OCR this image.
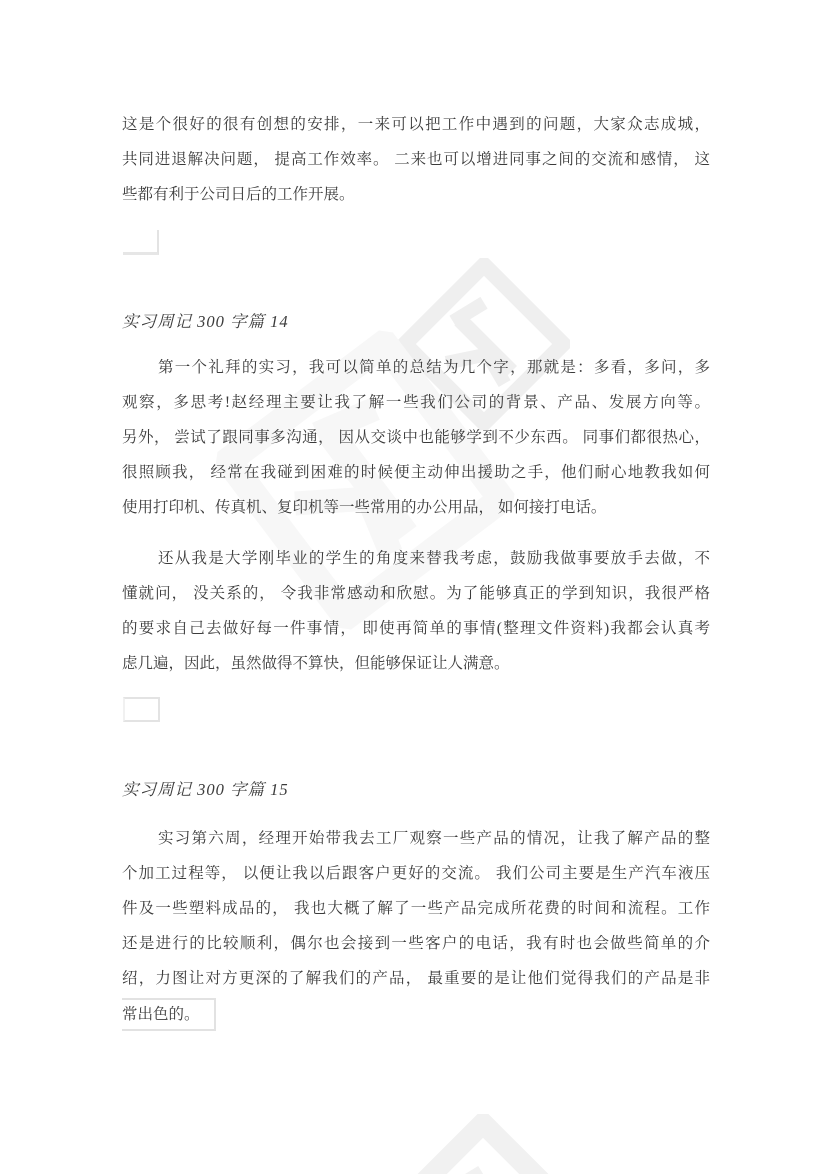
这是个很好的很有创想的安排，一来可以把工作中遇到的问题，大家众志成城，
共同进退解决问题， 提高工作效率。 二来也可以增进同事之间的交流和感情， 这
些都有利于公司日后的工作开展。
实习周记 300 字篇 14
第一个礼拜的实习，我可以简单的总结为几个字，那就是：多看，多问，多
观察，多思考!赵经理主要让我了解一些我们公司的背景、产品、发展方向等。
另外， 尝试了跟同事多沟通， 因从交谈中也能够学到不少东西。 同事们都很热心，
很照顾我， 经常在我碰到困难的时候便主动伸出援助之手，他们耐心地教我如何
使用打印机、传真机、复印机等一些常用的办公用品， 如何接打电话。
还从我是大学刚毕业的学生的角度来替我考虑，鼓励我做事要放手去做，不
懂就问， 没关系的， 令我非常感动和欣慰。为了能够真正的学到知识，我很严格
的要求自己去做好每一件事情， 即使再简单的事情(整理文件资料)我都会认真考
虑几遍，因此，虽然做得不算快，但能够保证让人满意。
实习周记 300 字篇 15
实习第六周，经理开始带我去工厂观察一些产品的情况，让我了解产品的整
个加工过程等， 以便让我以后跟客户更好的交流。 我们公司主要是生产汽车液压
件及一些塑料成品的， 我也大概了解了一些产品完成所花费的时间和流程。工作
还是进行的比较顺利，偶尔也会接到一些客户的电话，我有时也会做些简单的介
绍，力图让对方更深的了解我们的产品， 最重要的是让他们觉得我们的产品是非
常出色的。
